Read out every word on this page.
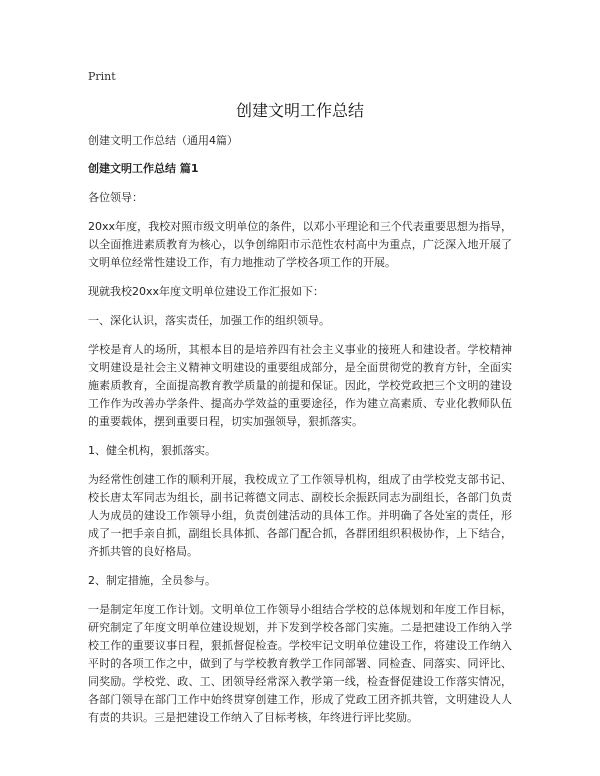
Print
创建文明工作总结

创建文明工作总结（通用4篇）

创建文明工作总结 篇1

各位领导：

20xx年度，我校对照市级文明单位的条件，以邓小平理论和三个代表重要思想为指导，以全面推进素质教育为核心，以争创绵阳市示范性农村高中为重点，广泛深入地开展了文明单位经常性建设工作，有力地推动了学校各项工作的开展。

现就我校20xx年度文明单位建设工作汇报如下：

一、深化认识，落实责任，加强工作的组织领导。

学校是育人的场所，其根本目的是培养四有社会主义事业的接班人和建设者。学校精神文明建设是社会主义精神文明建设的重要组成部分，是全面贯彻党的教育方针，全面实施素质教育，全面提高教育教学质量的前提和保证。因此，学校党政把三个文明的建设工作作为改善办学条件、提高办学效益的重要途径，作为建立高素质、专业化教师队伍的重要载体，摆到重要日程，切实加强领导，狠抓落实。

1、健全机构，狠抓落实。

为经常性创建工作的顺利开展，我校成立了工作领导机构，组成了由学校党支部书记、校长唐太军同志为组长，副书记蒋德文同志、副校长余振跃同志为副组长，各部门负责人为成员的建设工作领导小组，负责创建活动的具体工作。并明确了各处室的责任，形成了一把手亲自抓，副组长具体抓、各部门配合抓，各群团组织积极协作，上下结合，齐抓共管的良好格局。

2、制定措施，全员参与。

一是制定年度工作计划。文明单位工作领导小组结合学校的总体规划和年度工作目标，研究制定了年度文明单位建设规划，并下发到学校各部门实施。二是把建设工作纳入学校工作的重要议事日程，狠抓督促检查。学校牢记文明单位建设工作，将建设工作纳入平时的各项工作之中，做到了与学校教育教学工作同部署、同检查、同落实、同评比、同奖励。学校党、政、工、团领导经常深入教学第一线，检查督促建设工作落实情况，各部门领导在部门工作中始终贯穿创建工作，形成了党政工团齐抓共管，文明建设人人有责的共识。三是把建设工作纳入了目标考核，年终进行评比奖励。
